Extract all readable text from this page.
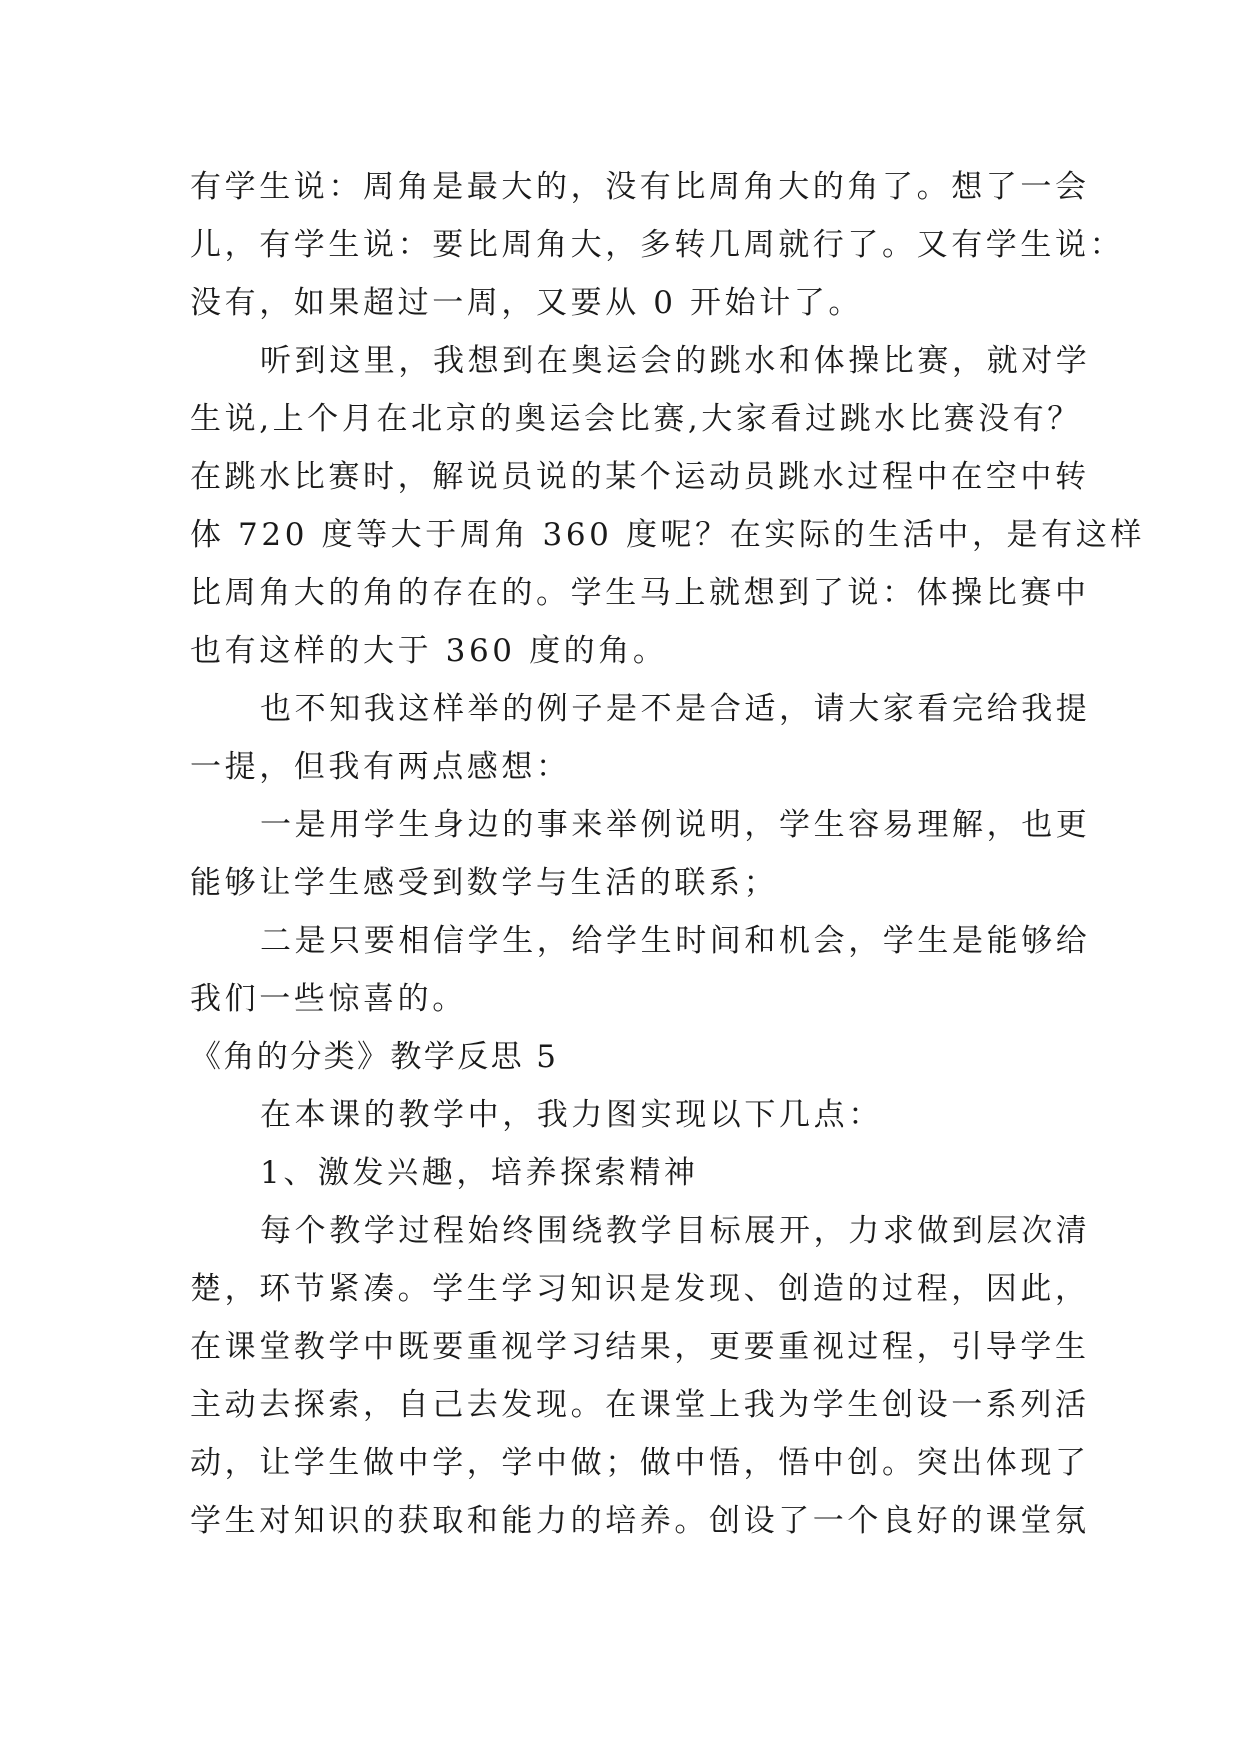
有学生说：周角是最大的，没有比周角大的角了。想了一会
儿，有学生说：要比周角大，多转几周就行了。又有学生说：
没有，如果超过一周，又要从 0 开始计了。
听到这里，我想到在奥运会的跳水和体操比赛，就对学
生说,上个月在北京的奥运会比赛,大家看过跳水比赛没有？
在跳水比赛时，解说员说的某个运动员跳水过程中在空中转
体 720 度等大于周角 360 度呢？在实际的生活中，是有这样
比周角大的角的存在的。学生马上就想到了说：体操比赛中
也有这样的大于 360 度的角。
也不知我这样举的例子是不是合适，请大家看完给我提
一提，但我有两点感想：
一是用学生身边的事来举例说明，学生容易理解，也更
能够让学生感受到数学与生活的联系；
二是只要相信学生，给学生时间和机会，学生是能够给
我们一些惊喜的。
《角的分类》教学反思 5
在本课的教学中，我力图实现以下几点：
1、激发兴趣，培养探索精神
每个教学过程始终围绕教学目标展开，力求做到层次清
楚，环节紧凑。学生学习知识是发现、创造的过程，因此，
在课堂教学中既要重视学习结果，更要重视过程，引导学生
主动去探索，自己去发现。在课堂上我为学生创设一系列活
动，让学生做中学，学中做；做中悟，悟中创。突出体现了
学生对知识的获取和能力的培养。创设了一个良好的课堂氛
